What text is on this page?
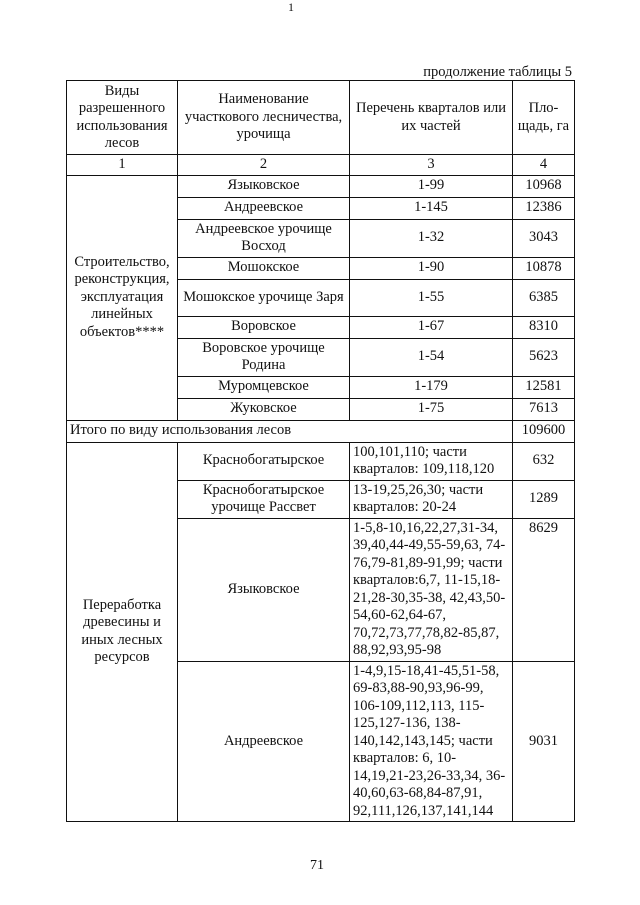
1
продолжение таблицы 5
Виды разрешенного использования лесов	Наименование участкового лесничества, урочища	Перечень кварталов или их частей	Пло-щадь, га
1	2	3	4
Строительство, реконструкция, эксплуатация линейных объектов****	Языковское	1-99	10968
	Андреевское	1-145	12386
	Андреевское урочище Восход	1-32	3043
	Мошокское	1-90	10878
	Мошокское урочище Заря	1-55	6385
	Воровское	1-67	8310
	Воровское урочище Родина	1-54	5623
	Муромцевское	1-179	12581
	Жуковское	1-75	7613
Итого по виду использования лесов			109600
Переработка древесины и иных лесных ресурсов	Краснобогатырское	100,101,110; части кварталов: 109,118,120	632
	Краснобогатырское урочище Рассвет	13-19,25,26,30; части кварталов: 20-24	1289
	Языковское	1-5,8-10,16,22,27,31-34, 39,40,44-49,55-59,63, 74-76,79-81,89-91,99; части кварталов:6,7, 11-15,18-21,28-30,35-38, 42,43,50-54,60-62,64-67, 70,72,73,77,78,82-85,87, 88,92,93,95-98	8629
	Андреевское	1-4,9,15-18,41-45,51-58, 69-83,88-90,93,96-99, 106-109,112,113, 115-125,127-136, 138-140,142,143,145; части кварталов: 6, 10-14,19,21-23,26-33,34, 36-40,60,63-68,84-87,91, 92,111,126,137,141,144	9031
71
